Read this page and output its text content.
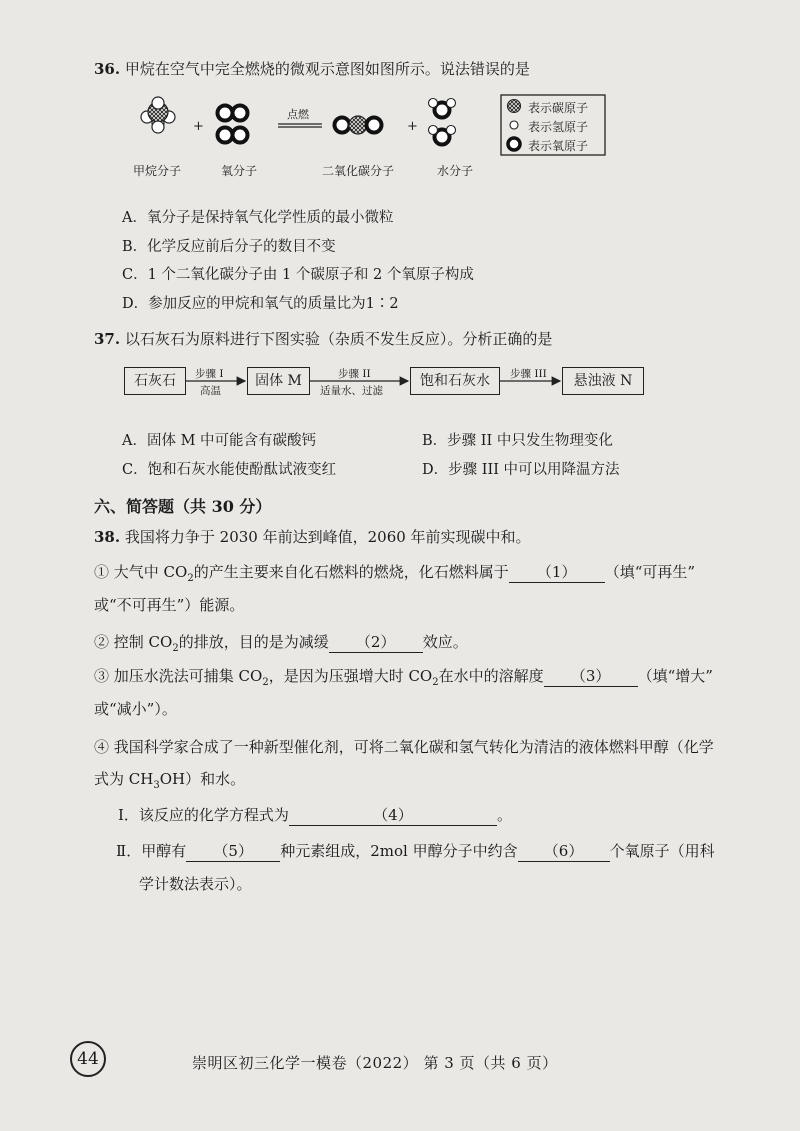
36. 甲烷在空气中完全燃烧的微观示意图如图所示。说法错误的是
+	+
点燃
甲烷分子	氧分子	二氧化碳分子	水分子
表示碳原子
表示氢原子
表示氧原子
A．氧分子是保持氧气化学性质的最小微粒
B．化学反应前后分子的数目不变
C．1 个二氧化碳分子由 1 个碳原子和 2 个氧原子构成
D．参加反应的甲烷和氧气的质量比为1∶2
37. 以石灰石为原料进行下图实验（杂质不发生反应）。分析正确的是
石灰石	固体 M	饱和石灰水	悬浊液 N
步骤 I
高温
步骤 II
适量水、过滤
步骤 III
A．固体 M 中可能含有碳酸钙	B．步骤 II 中只发生物理变化
C．饱和石灰水能使酚酞试液变红	D．步骤 III 中可以用降温方法
六、简答题（共 30 分）
38. 我国将力争于 2030 年前达到峰值，2060 年前实现碳中和。
① 大气中 $CO_2$的产生主要来自化石燃料的燃烧，化石燃料属于 （1） （填“可再生”
或“不可再生”）能源。
② 控制 $CO_2$的排放，目的是为减缓 （2） 效应。
③ 加压水洗法可捕集 $CO_2$，是因为压强增大时 $CO_2$在水中的溶解度 （3） （填“增大”
或“减小”）。
④ 我国科学家合成了一种新型催化剂，可将二氧化碳和氢气转化为清洁的液体燃料甲醇（化学
式为 $CH_3OH$）和水。
I．该反应的化学方程式为	（4）	。
Ⅱ．甲醇有 （5） 种元素组成，2mol 甲醇分子中约含 （6） 个氧原子（用科
学计数法表示）。
44	崇明区初三化学一模卷（2022） 第 3 页（共 6 页）
